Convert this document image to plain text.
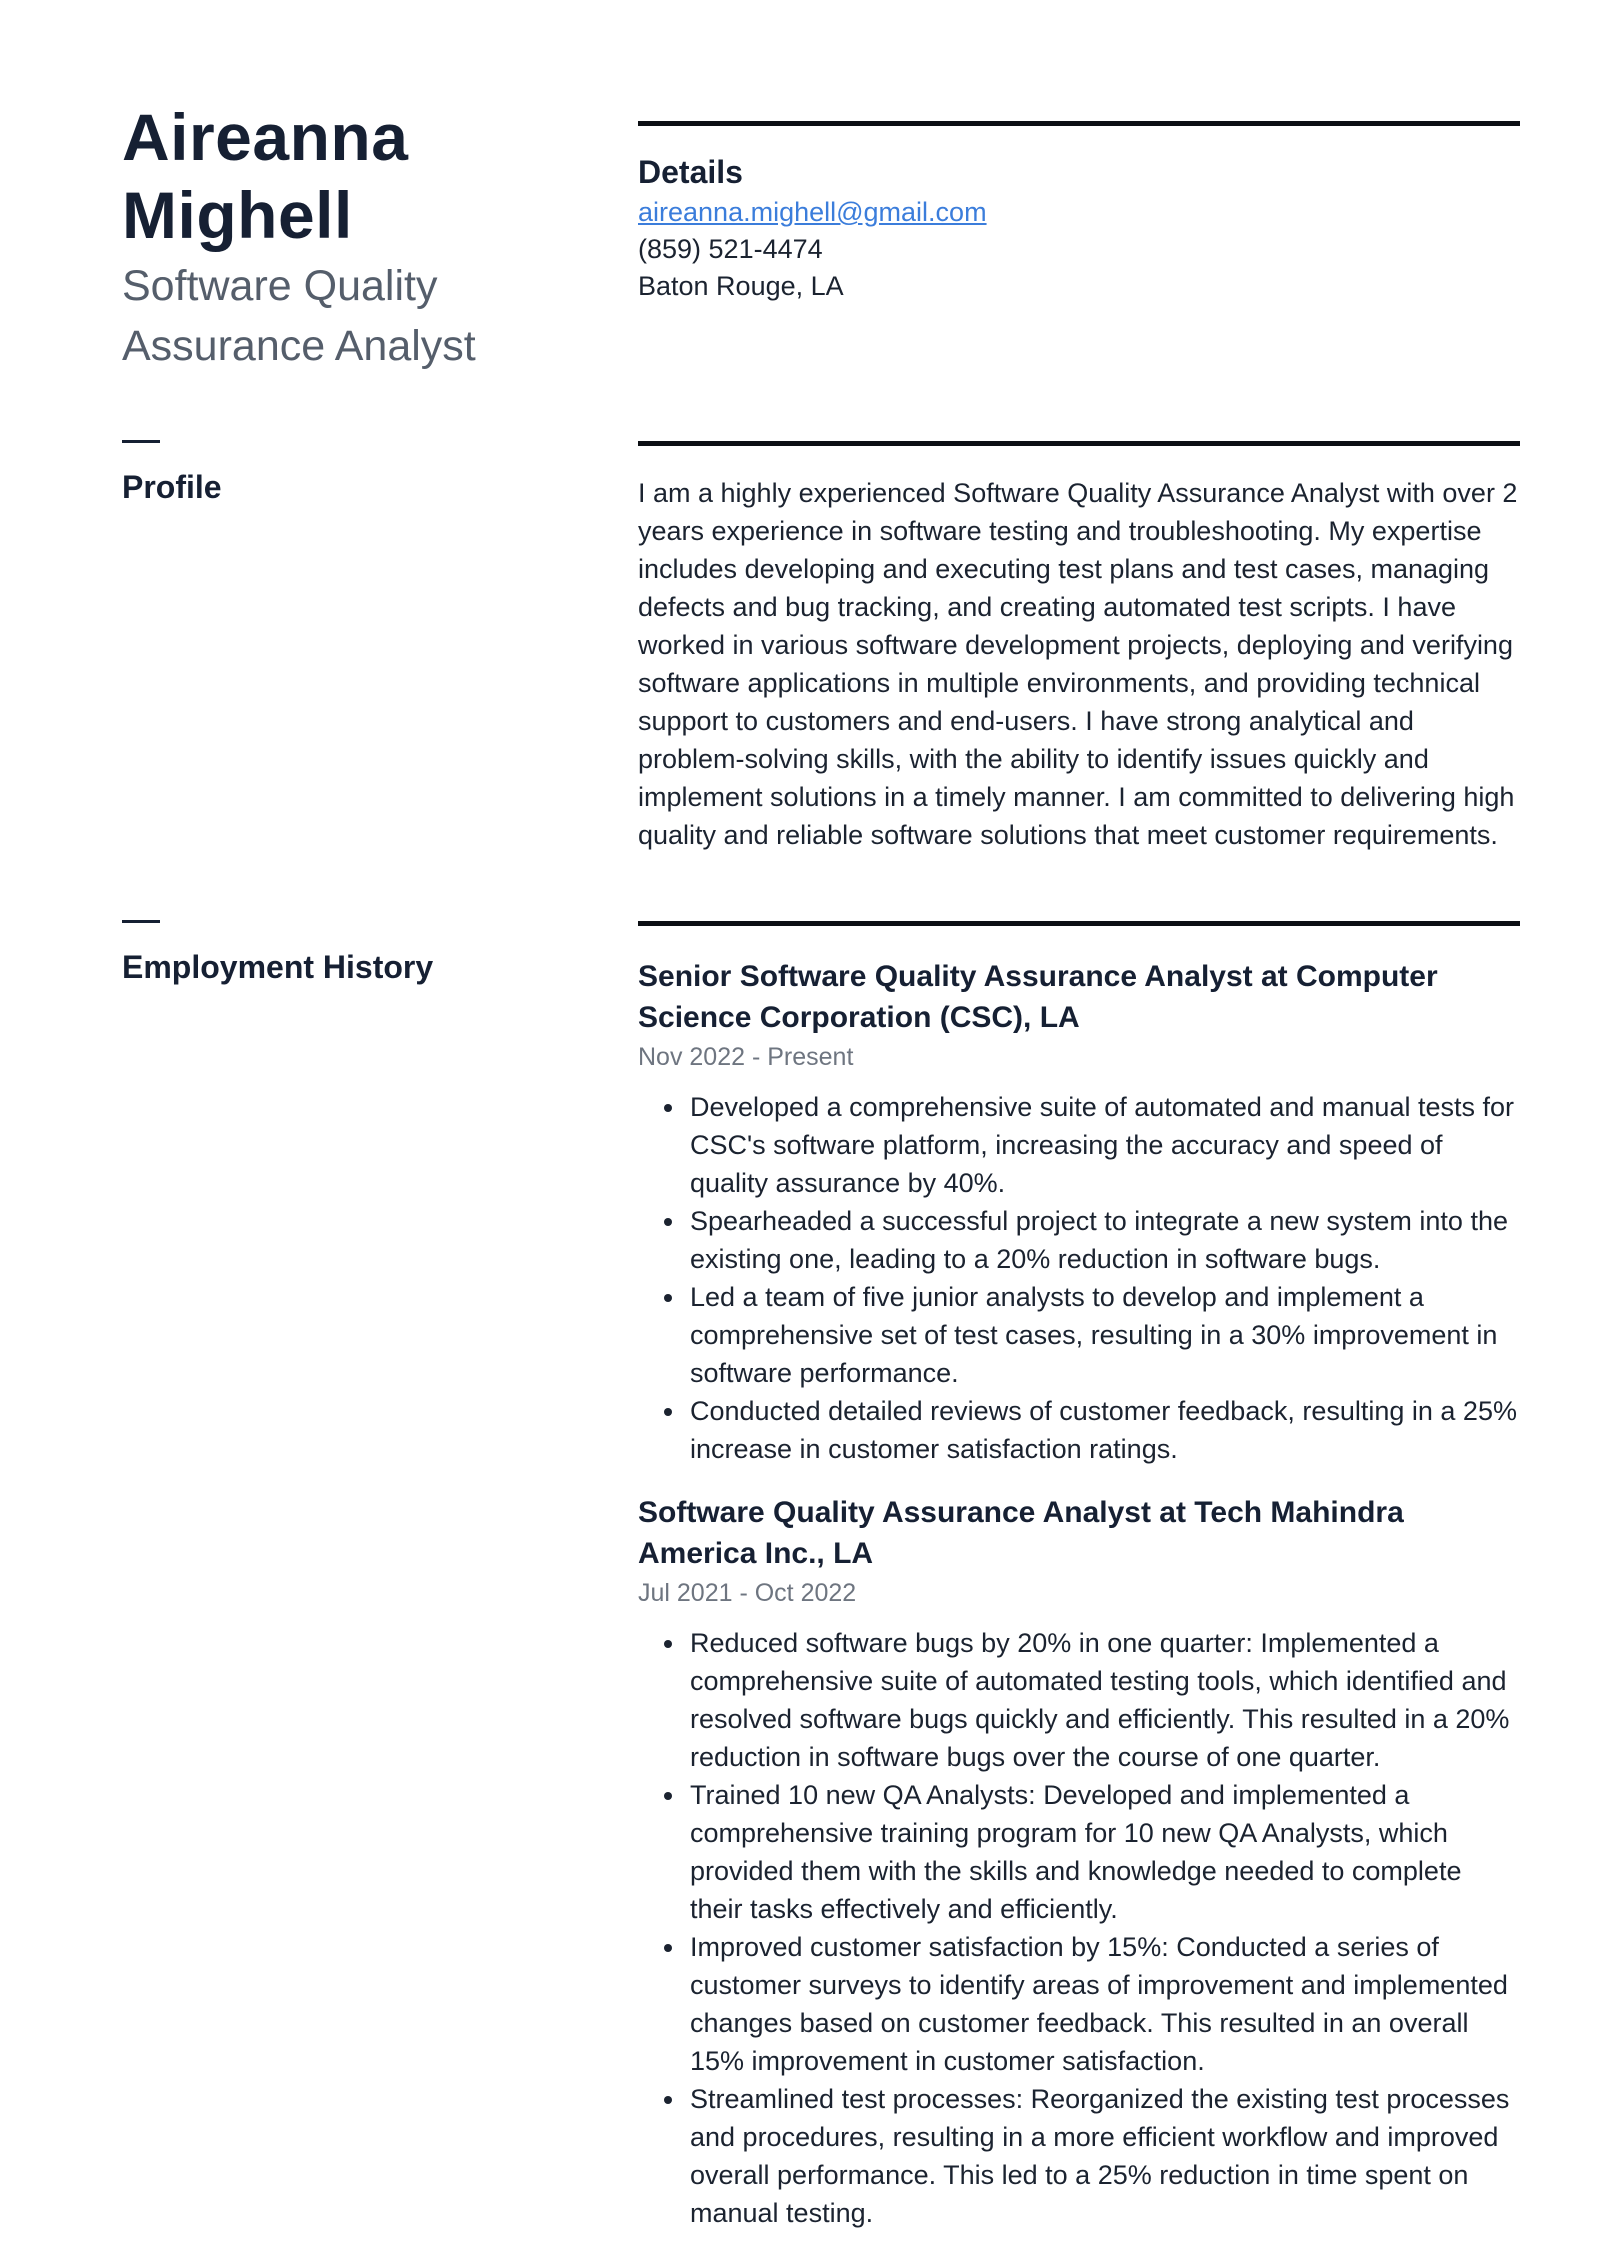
Aireanna Mighell
Software Quality Assurance Analyst
Details
aireanna.mighell@gmail.com
(859) 521-4474
Baton Rouge, LA
Profile	I am a highly experienced Software Quality Assurance Analyst with over 2 years experience in software testing and troubleshooting. My expertise includes developing and executing test plans and test cases, managing defects and bug tracking, and creating automated test scripts. I have worked in various software development projects, deploying and verifying software applications in multiple environments, and providing technical support to customers and end-users. I have strong analytical and problem-solving skills, with the ability to identify issues quickly and implement solutions in a timely manner. I am committed to delivering high quality and reliable software solutions that meet customer requirements.
Employment History	Senior Software Quality Assurance Analyst at Computer Science Corporation (CSC), LA
Nov 2022 - Present
Developed a comprehensive suite of automated and manual tests for CSC's software platform, increasing the accuracy and speed of quality assurance by 40%.
Spearheaded a successful project to integrate a new system into the existing one, leading to a 20% reduction in software bugs.
Led a team of five junior analysts to develop and implement a comprehensive set of test cases, resulting in a 30% improvement in software performance.
Conducted detailed reviews of customer feedback, resulting in a 25% increase in customer satisfaction ratings.
Software Quality Assurance Analyst at Tech Mahindra America Inc., LA
Jul 2021 - Oct 2022
Reduced software bugs by 20% in one quarter: Implemented a comprehensive suite of automated testing tools, which identified and resolved software bugs quickly and efficiently. This resulted in a 20% reduction in software bugs over the course of one quarter.
Trained 10 new QA Analysts: Developed and implemented a comprehensive training program for 10 new QA Analysts, which provided them with the skills and knowledge needed to complete their tasks effectively and efficiently.
Improved customer satisfaction by 15%: Conducted a series of customer surveys to identify areas of improvement and implemented changes based on customer feedback. This resulted in an overall 15% improvement in customer satisfaction.
Streamlined test processes: Reorganized the existing test processes and procedures, resulting in a more efficient workflow and improved overall performance. This led to a 25% reduction in time spent on manual testing.
